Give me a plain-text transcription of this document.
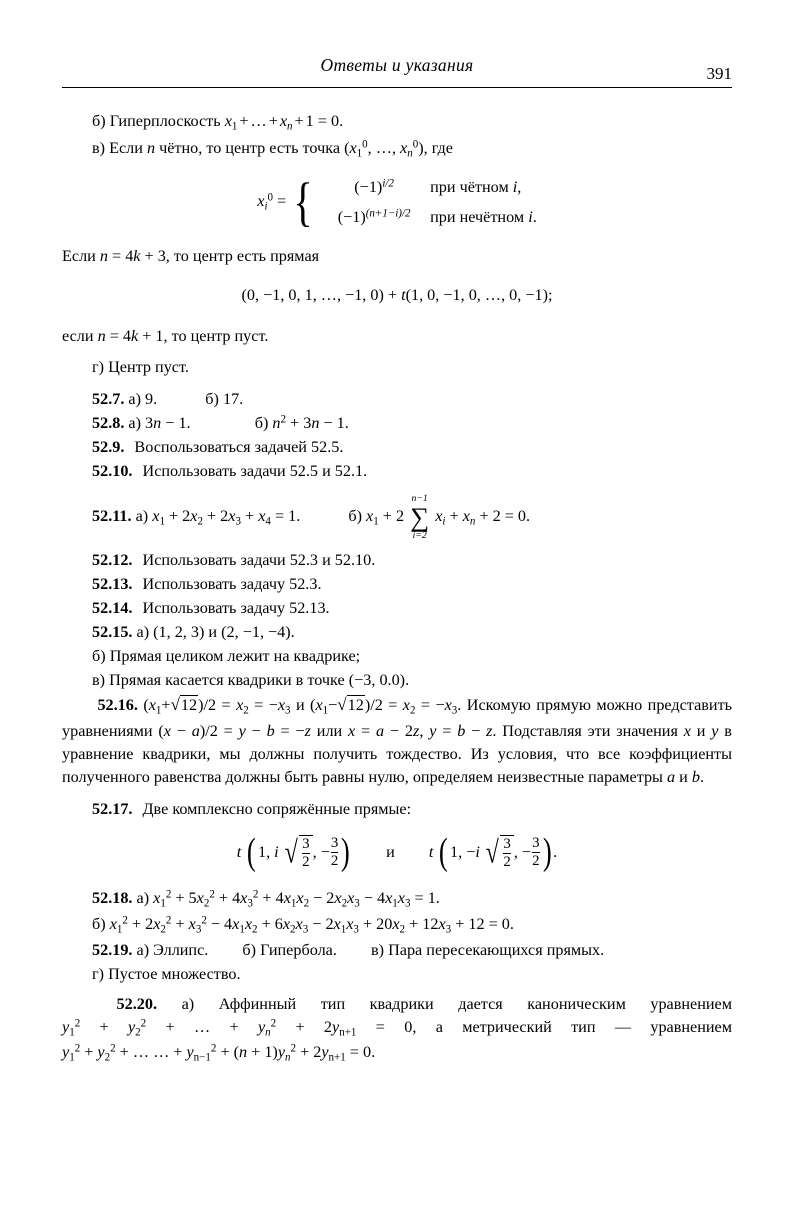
Ответы и указания	391
б) Гиперплоскость $x_1$ + … + $x_n + 1 = 0$.
в) Если n чётно, то центр есть точка ($x_1^0$, …, $x_n^0$), где
$x_i^0$ = {	$(-1)^{i/2}$	при чётном i,
$(-1)^{(n+1-i)/2}$	при нечётном i.
Если n = 4k + 3, то центр есть прямая
(0, −1, 0, 1, …, −1, 0) + t(1, 0, −1, 0, …, 0, −1);
если n = 4k + 1, то центр пуст.
г) Центр пуст.
52.7. а) 9.	б) 17.
52.8. а) 3n − 1.	б) $n^2 + 3n - 1$.
52.9. Воспользоваться задачей 52.5.
52.10. Использовать задачи 52.5 и 52.1.
52.11. а) $x_1 + 2x_2 + 2x_3 + x_4 = 1$.	б) $x_1 + 2$
n−1
∑
i=2
$x_i + x_n + 2 = 0$.
52.12. Использовать задачи 52.3 и 52.10.
52.13. Использовать задачу 52.3.
52.14. Использовать задачу 52.13.
52.15. а) (1, 2, 3) и (2, −1, −4).
б) Прямая целиком лежит на квадрике;
в) Прямая касается квадрики в точке (−3, 0.0).
52.16. $(x_1+√12)/2 = x_2 = -x_3$ и $(x_1-√12)/2 = x_2 = -x_3$. Искомую прямую можно представить уравнениями (x − a)/2 = y − b = −z или x = a − 2z, y = b − z. Подставляя эти значения x и y в уравнение квадрики, мы должны получить тождество. Из условия, что все коэффициенты полученного равенства должны быть равны нулю, определяем неизвестные параметры a и b.
52.17. Две комплексно сопряжённые прямые:
t ( 1, i √ $\frac{3}{2}$ , − $\frac{3}{2}$ ) и t ( 1, −i √ $\frac{3}{2}$ , − $\frac{3}{2}$ ) .
52.18. а) $x_1^2 + 5x_2^2 + 4x_3^2 + 4x_1x_2 - 2x_2x_3 - 4x_1x_3 = 1$.
б) $x_1^2 + 2x_2^2 + x_3^2 - 4x_1x_2 + 6x_2x_3 - 2x_1x_3 + 20x_2 + 12x_3 + 12 = 0$.
52.19. а) Эллипс. б) Гипербола. в) Пара пересекающихся прямых.
г) Пустое множество.
52.20. а) Аффинный тип квадрики дается каноническим уравнением $y_1^2 + y_2^2$ + … + $y_n^2 + 2y_{n+1} = 0$, а метрический тип — уравнением $y_1^2 + y_2^2$ + … … + $y_{n-1}^2 + (n + 1)y_n^2 + 2y_{n+1} = 0$.
